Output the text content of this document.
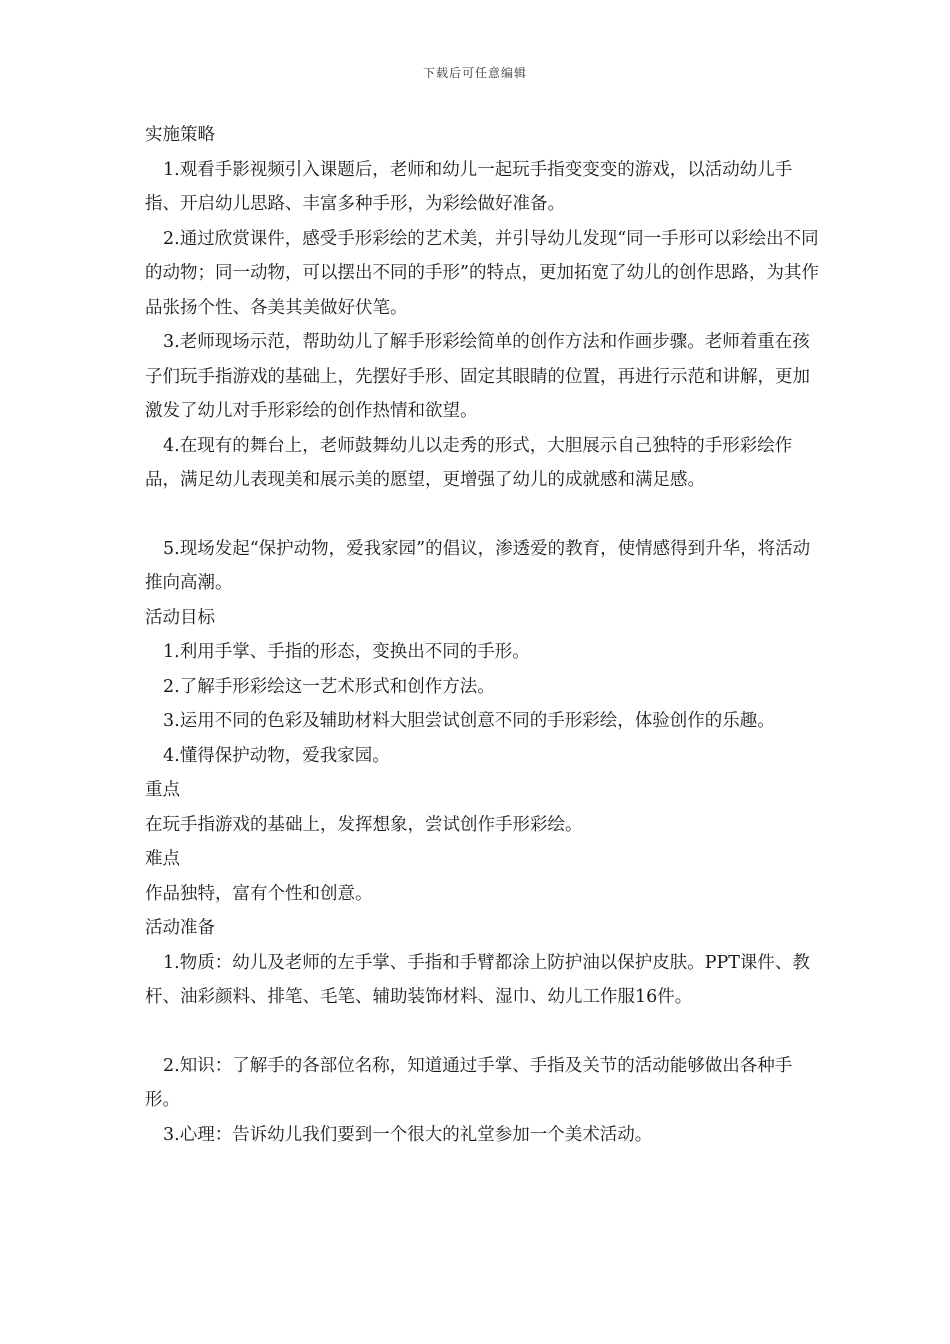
下载后可任意编辑

实施策略

1.观看手影视频引入课题后，老师和幼儿一起玩手指变变变的游戏，以活动幼儿手指、开启幼儿思路、丰富多种手形，为彩绘做好准备。

2.通过欣赏课件，感受手形彩绘的艺术美，并引导幼儿发现“同一手形可以彩绘出不同的动物；同一动物，可以摆出不同的手形”的特点，更加拓宽了幼儿的创作思路，为其作品张扬个性、各美其美做好伏笔。

3.老师现场示范，帮助幼儿了解手形彩绘简单的创作方法和作画步骤。老师着重在孩子们玩手指游戏的基础上，先摆好手形、固定其眼睛的位置，再进行示范和讲解，更加激发了幼儿对手形彩绘的创作热情和欲望。

4.在现有的舞台上，老师鼓舞幼儿以走秀的形式，大胆展示自己独特的手形彩绘作品，满足幼儿表现美和展示美的愿望，更增强了幼儿的成就感和满足感。

5.现场发起“保护动物，爱我家园”的倡议，渗透爱的教育，使情感得到升华，将活动推向高潮。

活动目标

1.利用手掌、手指的形态，变换出不同的手形。

2.了解手形彩绘这一艺术形式和创作方法。

3.运用不同的色彩及辅助材料大胆尝试创意不同的手形彩绘，体验创作的乐趣。

4.懂得保护动物，爱我家园。

重点

在玩手指游戏的基础上，发挥想象，尝试创作手形彩绘。

难点

作品独特，富有个性和创意。

活动准备

1.物质：幼儿及老师的左手掌、手指和手臂都涂上防护油以保护皮肤。PPT课件、教杆、油彩颜料、排笔、毛笔、辅助装饰材料、湿巾、幼儿工作服16件。

2.知识：了解手的各部位名称，知道通过手掌、手指及关节的活动能够做出各种手形。

3.心理：告诉幼儿我们要到一个很大的礼堂参加一个美术活动。
